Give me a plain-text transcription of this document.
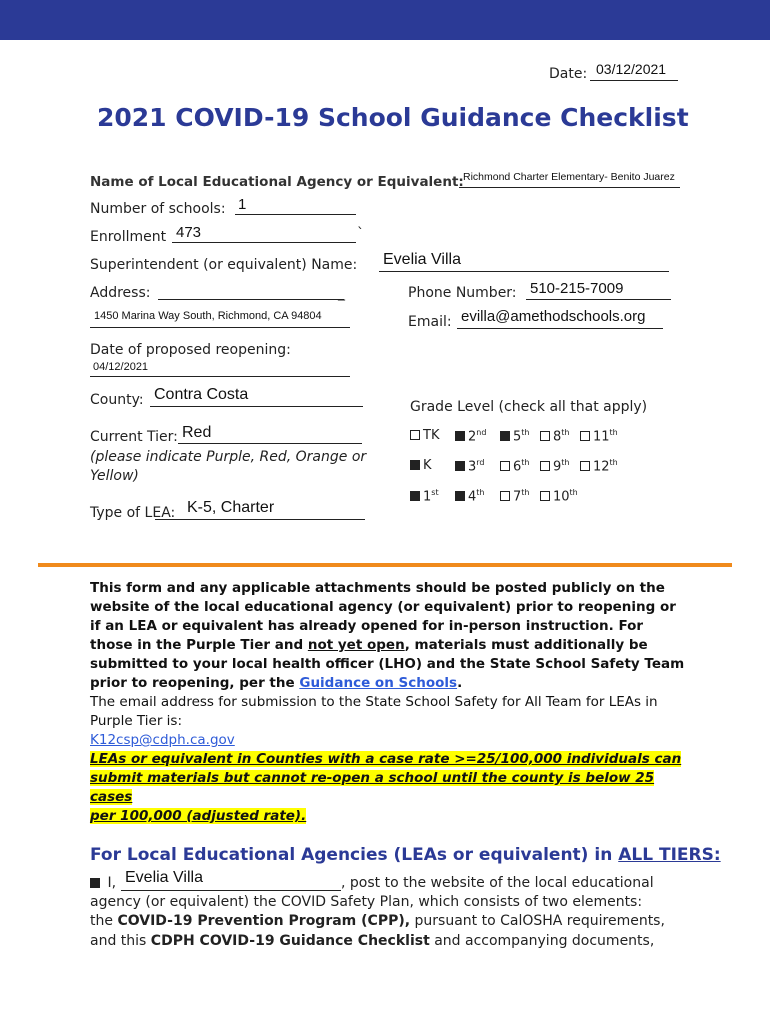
Date: 03/12/2021
2021 COVID-19 School Guidance Checklist
Name of Local Educational Agency or Equivalent: Richmond Charter Elementary- Benito Juarez
Number of schools: 1
Enrollment 473	`
Superintendent (or equivalent) Name: Evelia Villa
Address:	_
1450 Marina Way South, Richmond, CA 94804
Phone Number: 510-215-7009
Email: evilla@amethodschools.org
Date of proposed reopening:
04/12/2021
County: Contra Costa
Current Tier: Red
(please indicate Purple, Red, Orange or Yellow)
Type of LEA: K-5, Charter
Grade Level (check all that apply)
TK	2nd	5th	8th	11th
K	3rd	6th	9th	12th
1st	4th	7th	10th
This form and any applicable attachments should be posted publicly on the website of the local educational agency (or equivalent) prior to reopening or if an LEA or equivalent has already opened for in-person instruction. For those in the Purple Tier and not yet open, materials must additionally be submitted to your local health officer (LHO) and the State School Safety Team prior to reopening, per the Guidance on Schools.
The email address for submission to the State School Safety for All Team for LEAs in Purple Tier is:
K12csp@cdph.ca.gov
LEAs or equivalent in Counties with a case rate >=25/100,000 individuals can
submit materials but cannot re-open a school until the county is below 25 cases
per 100,000 (adjusted rate).
For Local Educational Agencies (LEAs or equivalent) in ALL TIERS:
I, Evelia Villa	, post to the website of the local educational
agency (or equivalent) the COVID Safety Plan, which consists of two elements:
the COVID-19 Prevention Program (CPP), pursuant to CalOSHA requirements,
and this CDPH COVID-19 Guidance Checklist and accompanying documents,
